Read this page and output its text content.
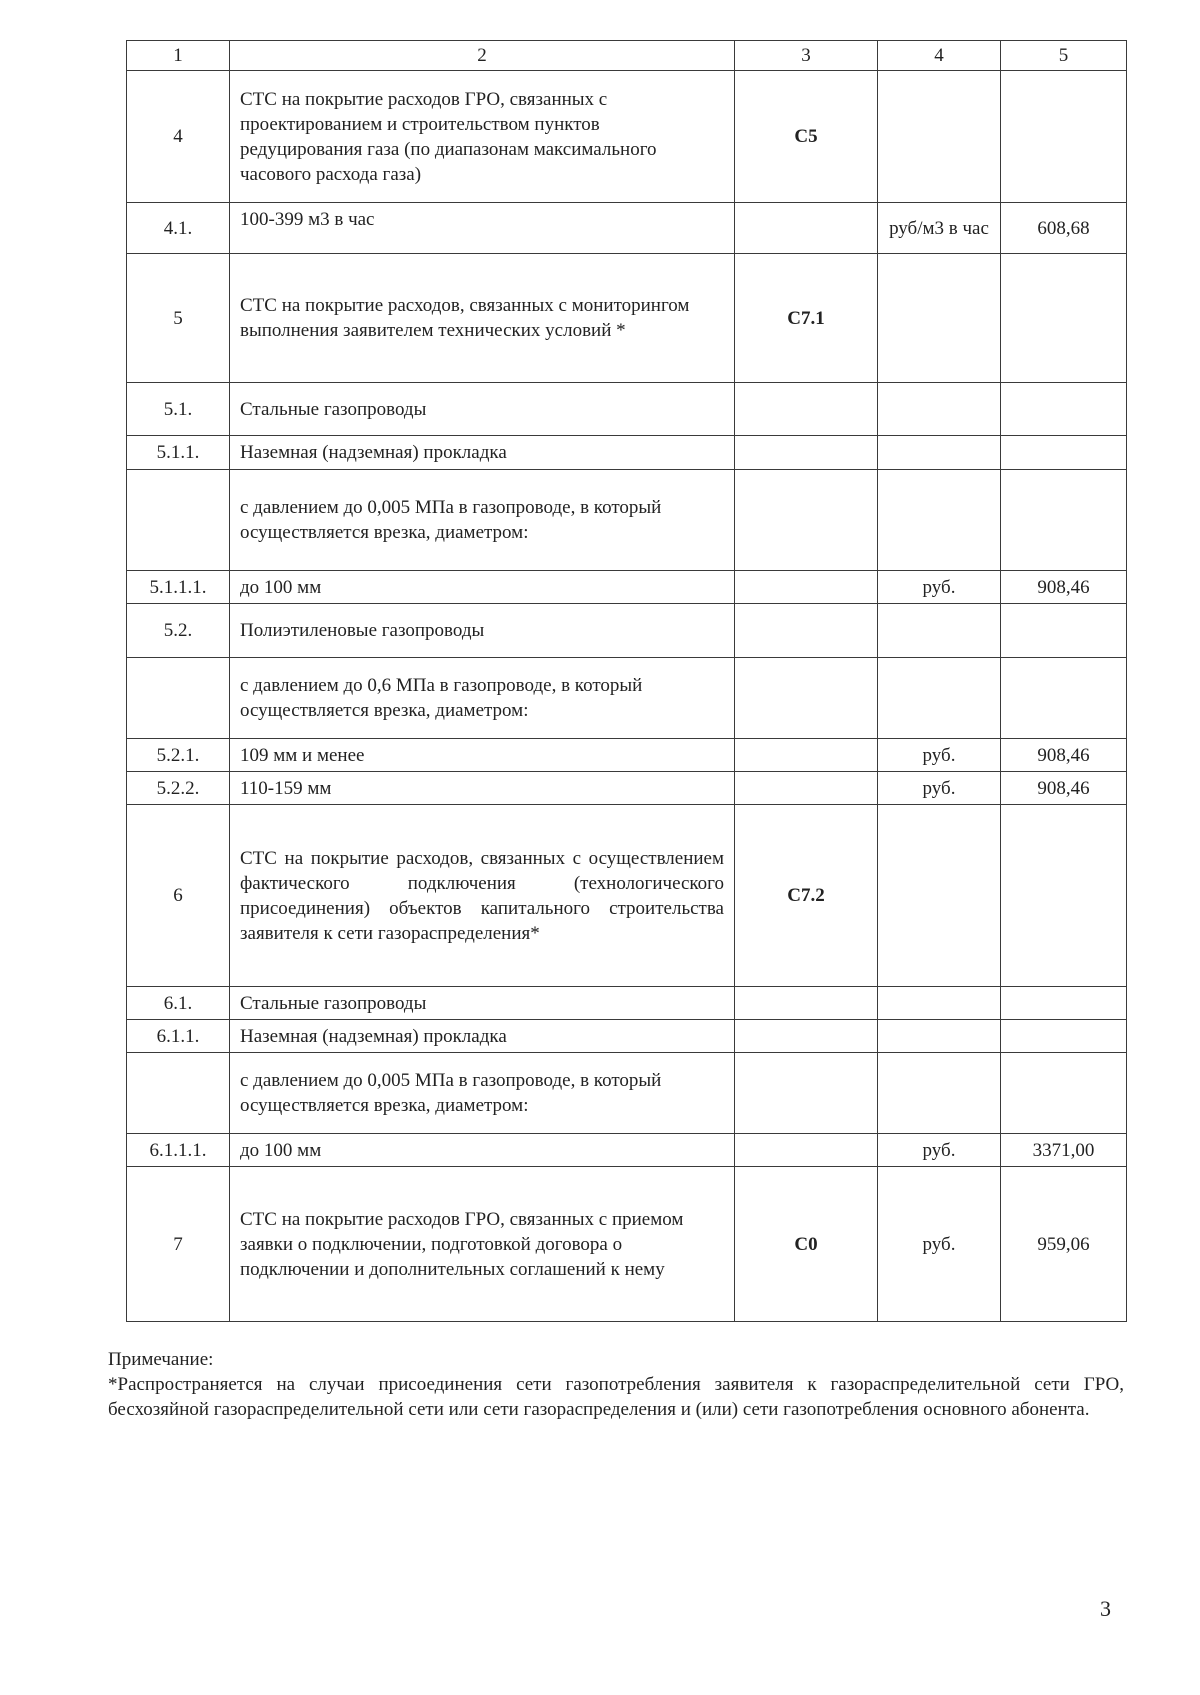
1	2	3	4	5
4	СТС на покрытие расходов ГРО, связанных с проектированием и строительством пунктов редуцирования газа (по диапазонам максимального часового расхода газа)	С5		
4.1.	100-399 м3 в час		руб/м3 в час	608,68
5	СТС на покрытие расходов, связанных с мониторингом выполнения заявителем технических условий *	С7.1		
5.1.	Стальные газопроводы			
5.1.1.	Наземная (надземная) прокладка			
	с давлением до 0,005 МПа в газопроводе, в который осуществляется врезка, диаметром:			
5.1.1.1.	до 100 мм		руб.	908,46
5.2.	Полиэтиленовые газопроводы			
	с давлением до 0,6 МПа в газопроводе, в который осуществляется врезка, диаметром:			
5.2.1.	109 мм и менее		руб.	908,46
5.2.2.	110-159 мм		руб.	908,46
6	СТС на покрытие расходов, связанных с осуществлением фактического подключения (технологического присоединения) объектов капитального строительства заявителя к сети газораспределения*	С7.2		
6.1.	Стальные газопроводы			
6.1.1.	Наземная (надземная) прокладка			
	с давлением до 0,005 МПа в газопроводе, в который осуществляется врезка, диаметром:			
6.1.1.1.	до 100 мм		руб.	3371,00
7	СТС на покрытие расходов ГРО, связанных с приемом заявки о подключении, подготовкой договора о подключении и дополнительных соглашений к нему	С0	руб.	959,06
Примечание:
*Распространяется на случаи присоединения сети газопотребления заявителя к газораспределительной сети ГРО, бесхозяйной газораспределительной сети или сети газораспределения и (или) сети газопотребления основного абонента.
3
